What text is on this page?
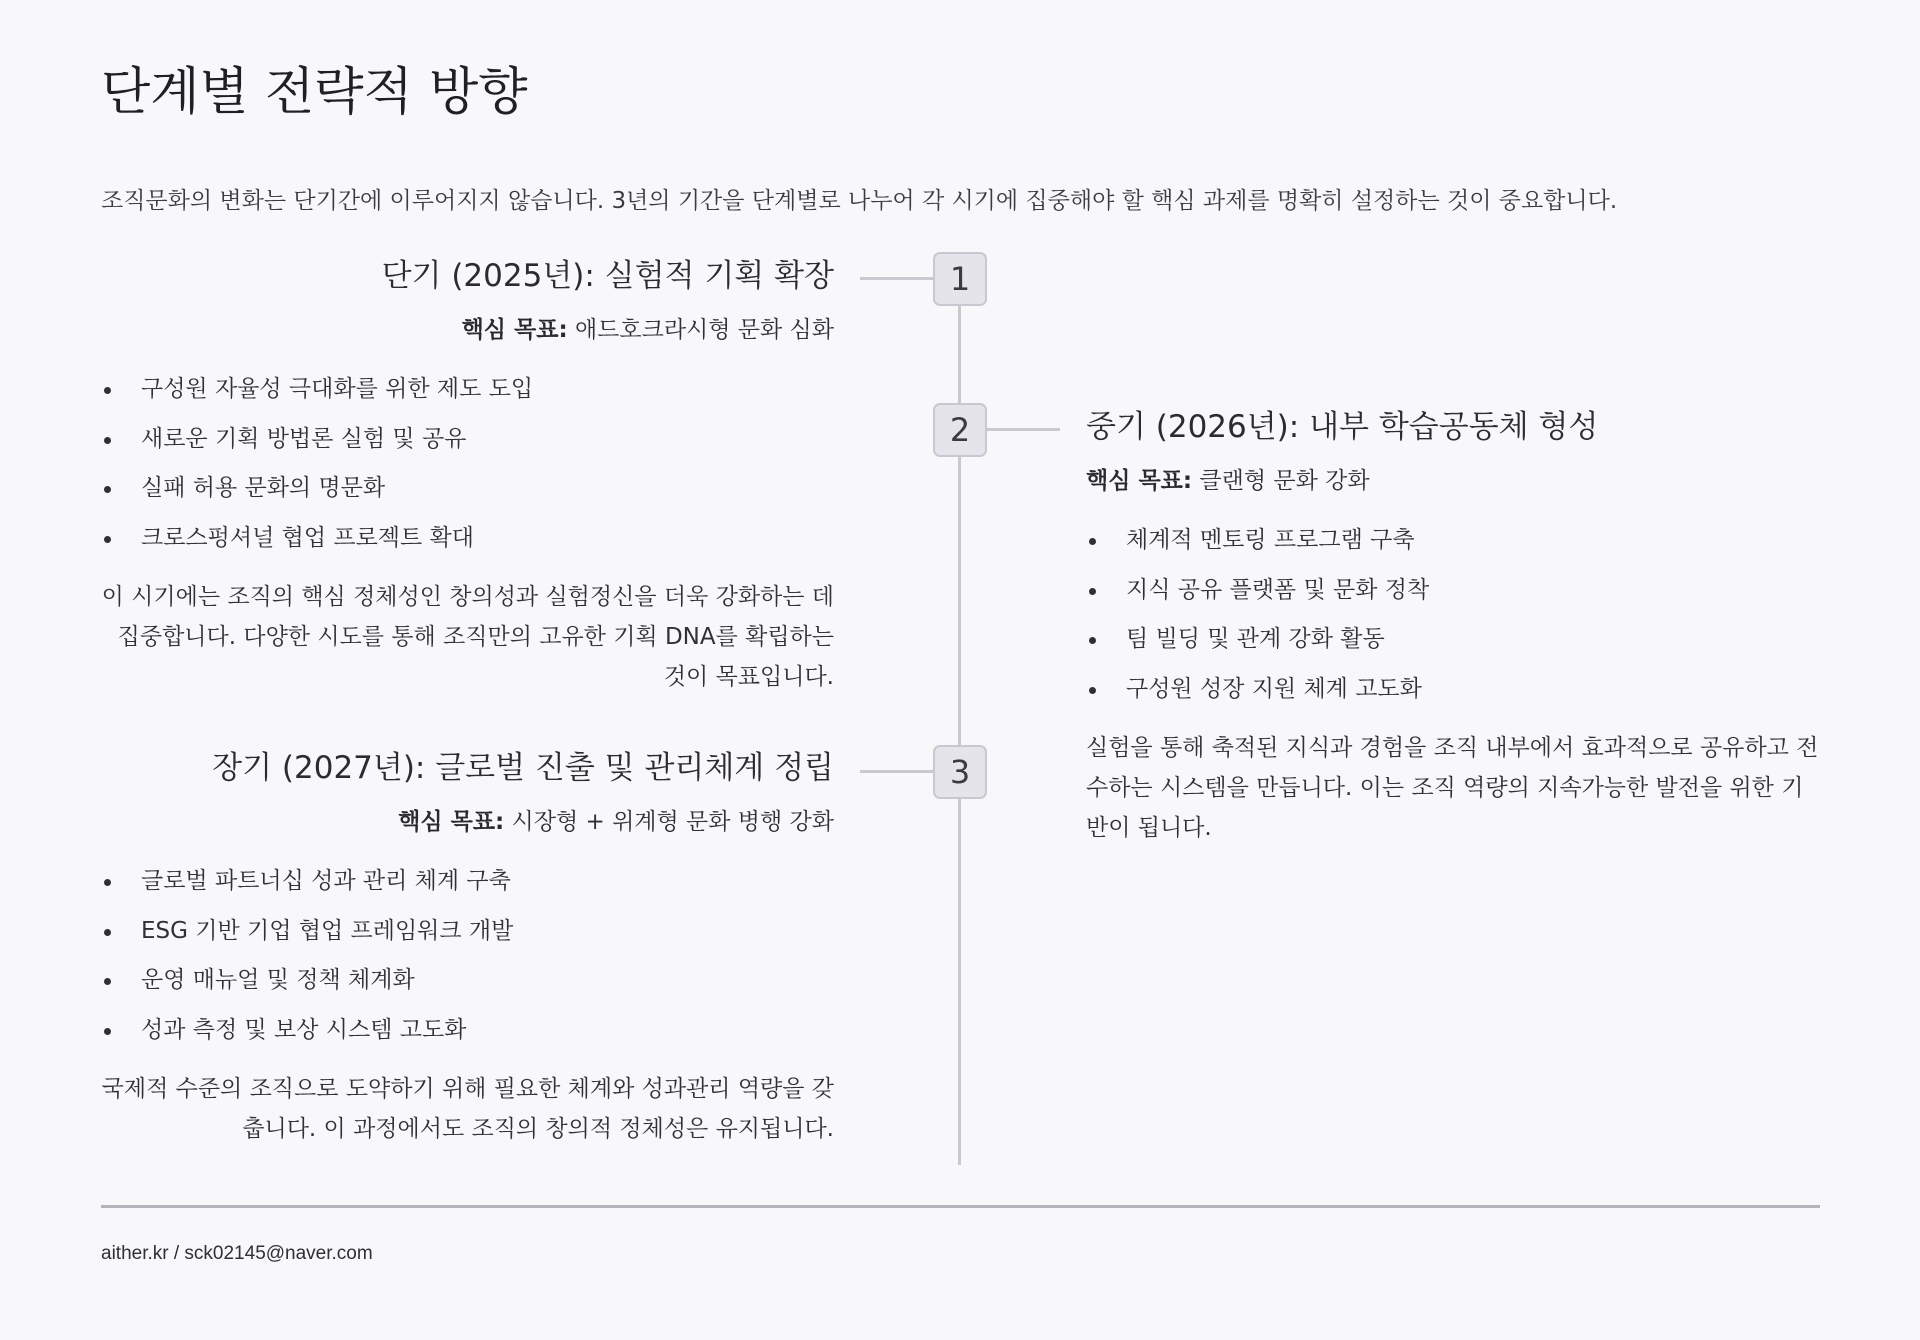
단계별 전략적 방향

조직문화의 변화는 단기간에 이루어지지 않습니다. 3년의 기간을 단계별로 나누어 각 시기에 집중해야 할 핵심 과제를 명확히 설정하는 것이 중요합니다.

1
2
3
단기 (2025년): 실험적 기획 확장

핵심 목표: 애드호크라시형 문화 심화

구성원 자율성 극대화를 위한 제도 도입
새로운 기획 방법론 실험 및 공유
실패 허용 문화의 명문화
크로스펑셔널 협업 프로젝트 확대

이 시기에는 조직의 핵심 정체성인 창의성과 실험정신을 더욱 강화하는 데 집중합니다. 다양한 시도를 통해 조직만의 고유한 기획 DNA를 확립하는 것이 목표입니다.

중기 (2026년): 내부 학습공동체 형성

핵심 목표: 클랜형 문화 강화

체계적 멘토링 프로그램 구축
지식 공유 플랫폼 및 문화 정착
팀 빌딩 및 관계 강화 활동
구성원 성장 지원 체계 고도화

실험을 통해 축적된 지식과 경험을 조직 내부에서 효과적으로 공유하고 전수하는 시스템을 만듭니다. 이는 조직 역량의 지속가능한 발전을 위한 기반이 됩니다.

장기 (2027년): 글로벌 진출 및 관리체계 정립

핵심 목표: 시장형 + 위계형 문화 병행 강화

글로벌 파트너십 성과 관리 체계 구축
ESG 기반 기업 협업 프레임워크 개발
운영 매뉴얼 및 정책 체계화
성과 측정 및 보상 시스템 고도화

국제적 수준의 조직으로 도약하기 위해 필요한 체계와 성과관리 역량을 갖춥니다. 이 과정에서도 조직의 창의적 정체성은 유지됩니다.

aither.kr / sck02145@naver.com
